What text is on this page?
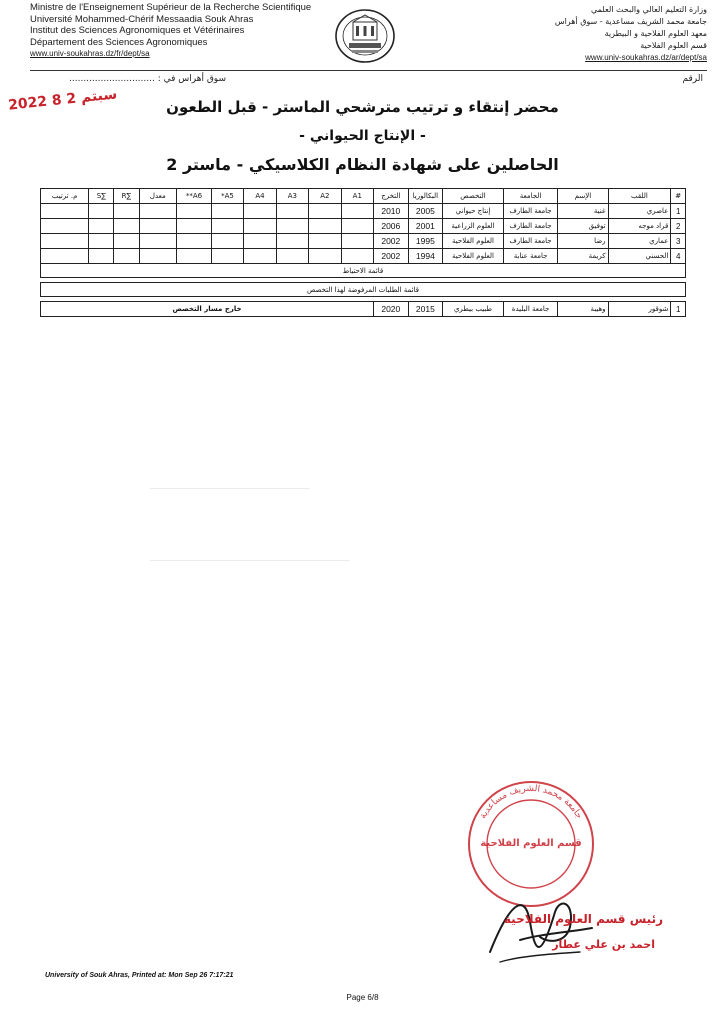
Ministre de l'Enseignement Supérieur de la Recherche Scientifique
Université Mohammed-Chérif Messaadia Souk Ahras
Institut des Sciences Agronomiques et Vétérinaires
Département des Sciences Agronomiques
www.univ-soukahras.dz/fr/dept/sa
وزارة التعليم العالي والبحث العلمي
جامعة محمد الشريف مساعدية - سوق أهراس
معهد العلوم الفلاحية و البيطرية
قسم العلوم الفلاحية
www.univ-soukahras.dz/ar/dept/sa
الرقم
سوق أهراس في : ..............................
2022 سبتم 2 8
محضر إنتقاء و ترتيب مترشحي الماستر - قبل الطعون
- الإنتاج الحيواني -
الحاصلين على شهادة النظام الكلاسيكي - ماستر 2
#	اللقب	الإسم	الجامعة	التخصص	البكالوريا	التخرج	A1	A2	A3	A4	A5*	A6**	معدل	∑R	∑S	م. ترتيب
1	عاصري	غنية	جامعة الطارف	إنتاج حيواني	2005	2010										
2	قراد موجه	توفيق	جامعة الطارف	العلوم الزراعية	2001	2006										
3	عماري	رضا	جامعة الطارف	العلوم الفلاحية	1995	2002										
4	الحسني	كريمة	جامعة عنابة	العلوم الفلاحية	1994	2002										
قائمة الاحتياط																

قائمة الطلبات المرفوضة لهذا التخصص																

1	شوقور	وهيبة	جامعة البليدة	طبيب بيطري	2015	2020	خارج مسار التخصص									
جامعة محمد الشريف مساعدية
قسم العلوم الفلاحية
رئيس قسم العلوم الفلاحية
احمد بن علي عطار
University of Souk Ahras, Printed at: Mon Sep 26 7:17:21
Page 6/8
